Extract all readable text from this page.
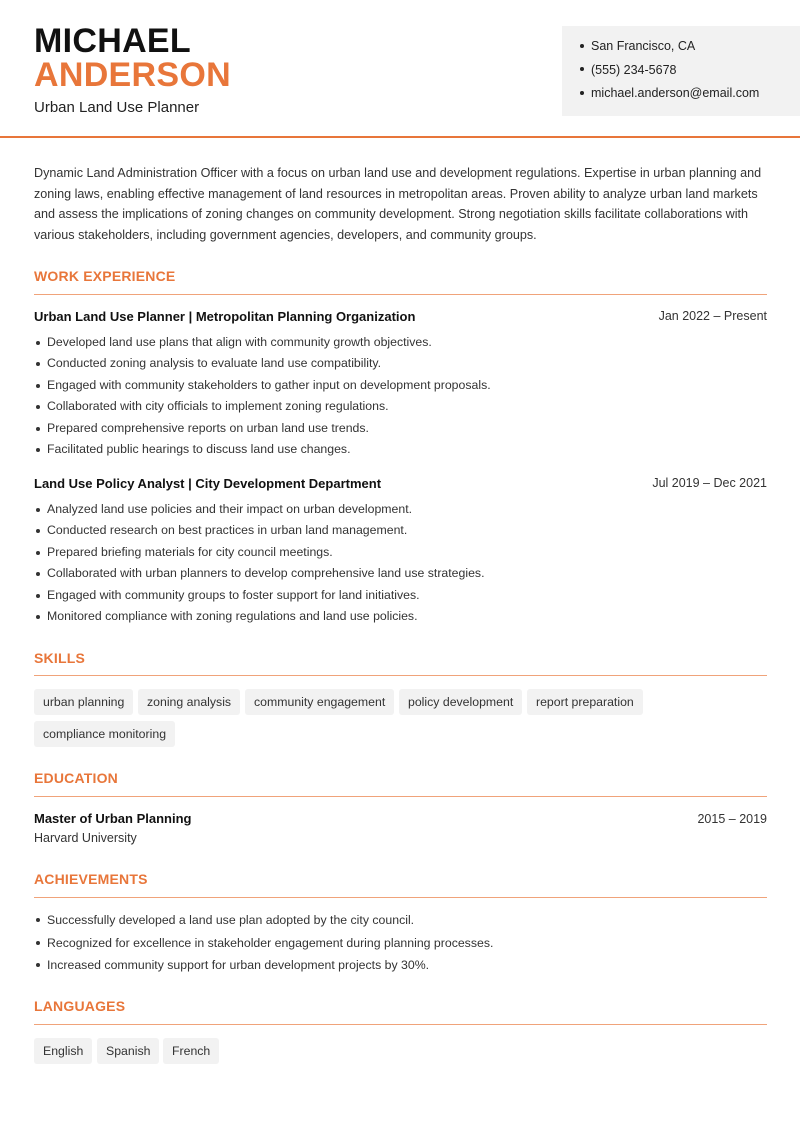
MICHAEL
ANDERSON
Urban Land Use Planner
San Francisco, CA
(555) 234-5678
michael.anderson@email.com

Dynamic Land Administration Officer with a focus on urban land use and development regulations. Expertise in urban planning and zoning laws, enabling effective management of land resources in metropolitan areas. Proven ability to analyze urban land markets and assess the implications of zoning changes on community development. Strong negotiation skills facilitate collaborations with various stakeholders, including government agencies, developers, and community groups.

WORK EXPERIENCE
Urban Land Use Planner | Metropolitan Planning Organization	Jan 2022 – Present
Developed land use plans that align with community growth objectives.
Conducted zoning analysis to evaluate land use compatibility.
Engaged with community stakeholders to gather input on development proposals.
Collaborated with city officials to implement zoning regulations.
Prepared comprehensive reports on urban land use trends.
Facilitated public hearings to discuss land use changes.
Land Use Policy Analyst | City Development Department	Jul 2019 – Dec 2021
Analyzed land use policies and their impact on urban development.
Conducted research on best practices in urban land management.
Prepared briefing materials for city council meetings.
Collaborated with urban planners to develop comprehensive land use strategies.
Engaged with community groups to foster support for land initiatives.
Monitored compliance with zoning regulations and land use policies.
SKILLS
urban planning	zoning analysis	community engagement	policy development	report preparation
compliance monitoring
EDUCATION
Master of Urban Planning
Harvard University
2015 – 2019
ACHIEVEMENTS
Successfully developed a land use plan adopted by the city council.
Recognized for excellence in stakeholder engagement during planning processes.
Increased community support for urban development projects by 30%.
LANGUAGES
English	Spanish	French
